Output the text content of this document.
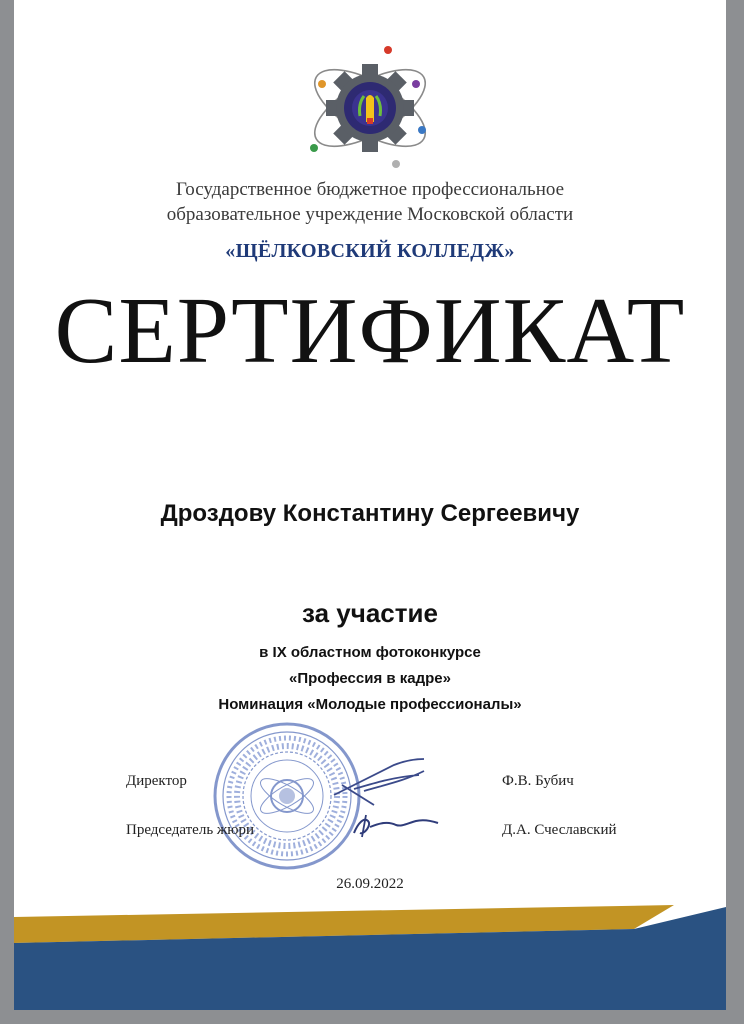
Государственное бюджетное профессиональное
образовательное учреждение Московской области
«ЩЁЛКОВСКИЙ КОЛЛЕДЖ»
СЕРТИФИКАТ
Дроздову Константину Сергеевичу
за участие
в IX областном фотоконкурсе
«Профессия в кадре»
Номинация «Молодые профессионалы»
Директор	Ф.В. Бубич
Председатель жюри	Д.А. Счеславский
26.09.2022
